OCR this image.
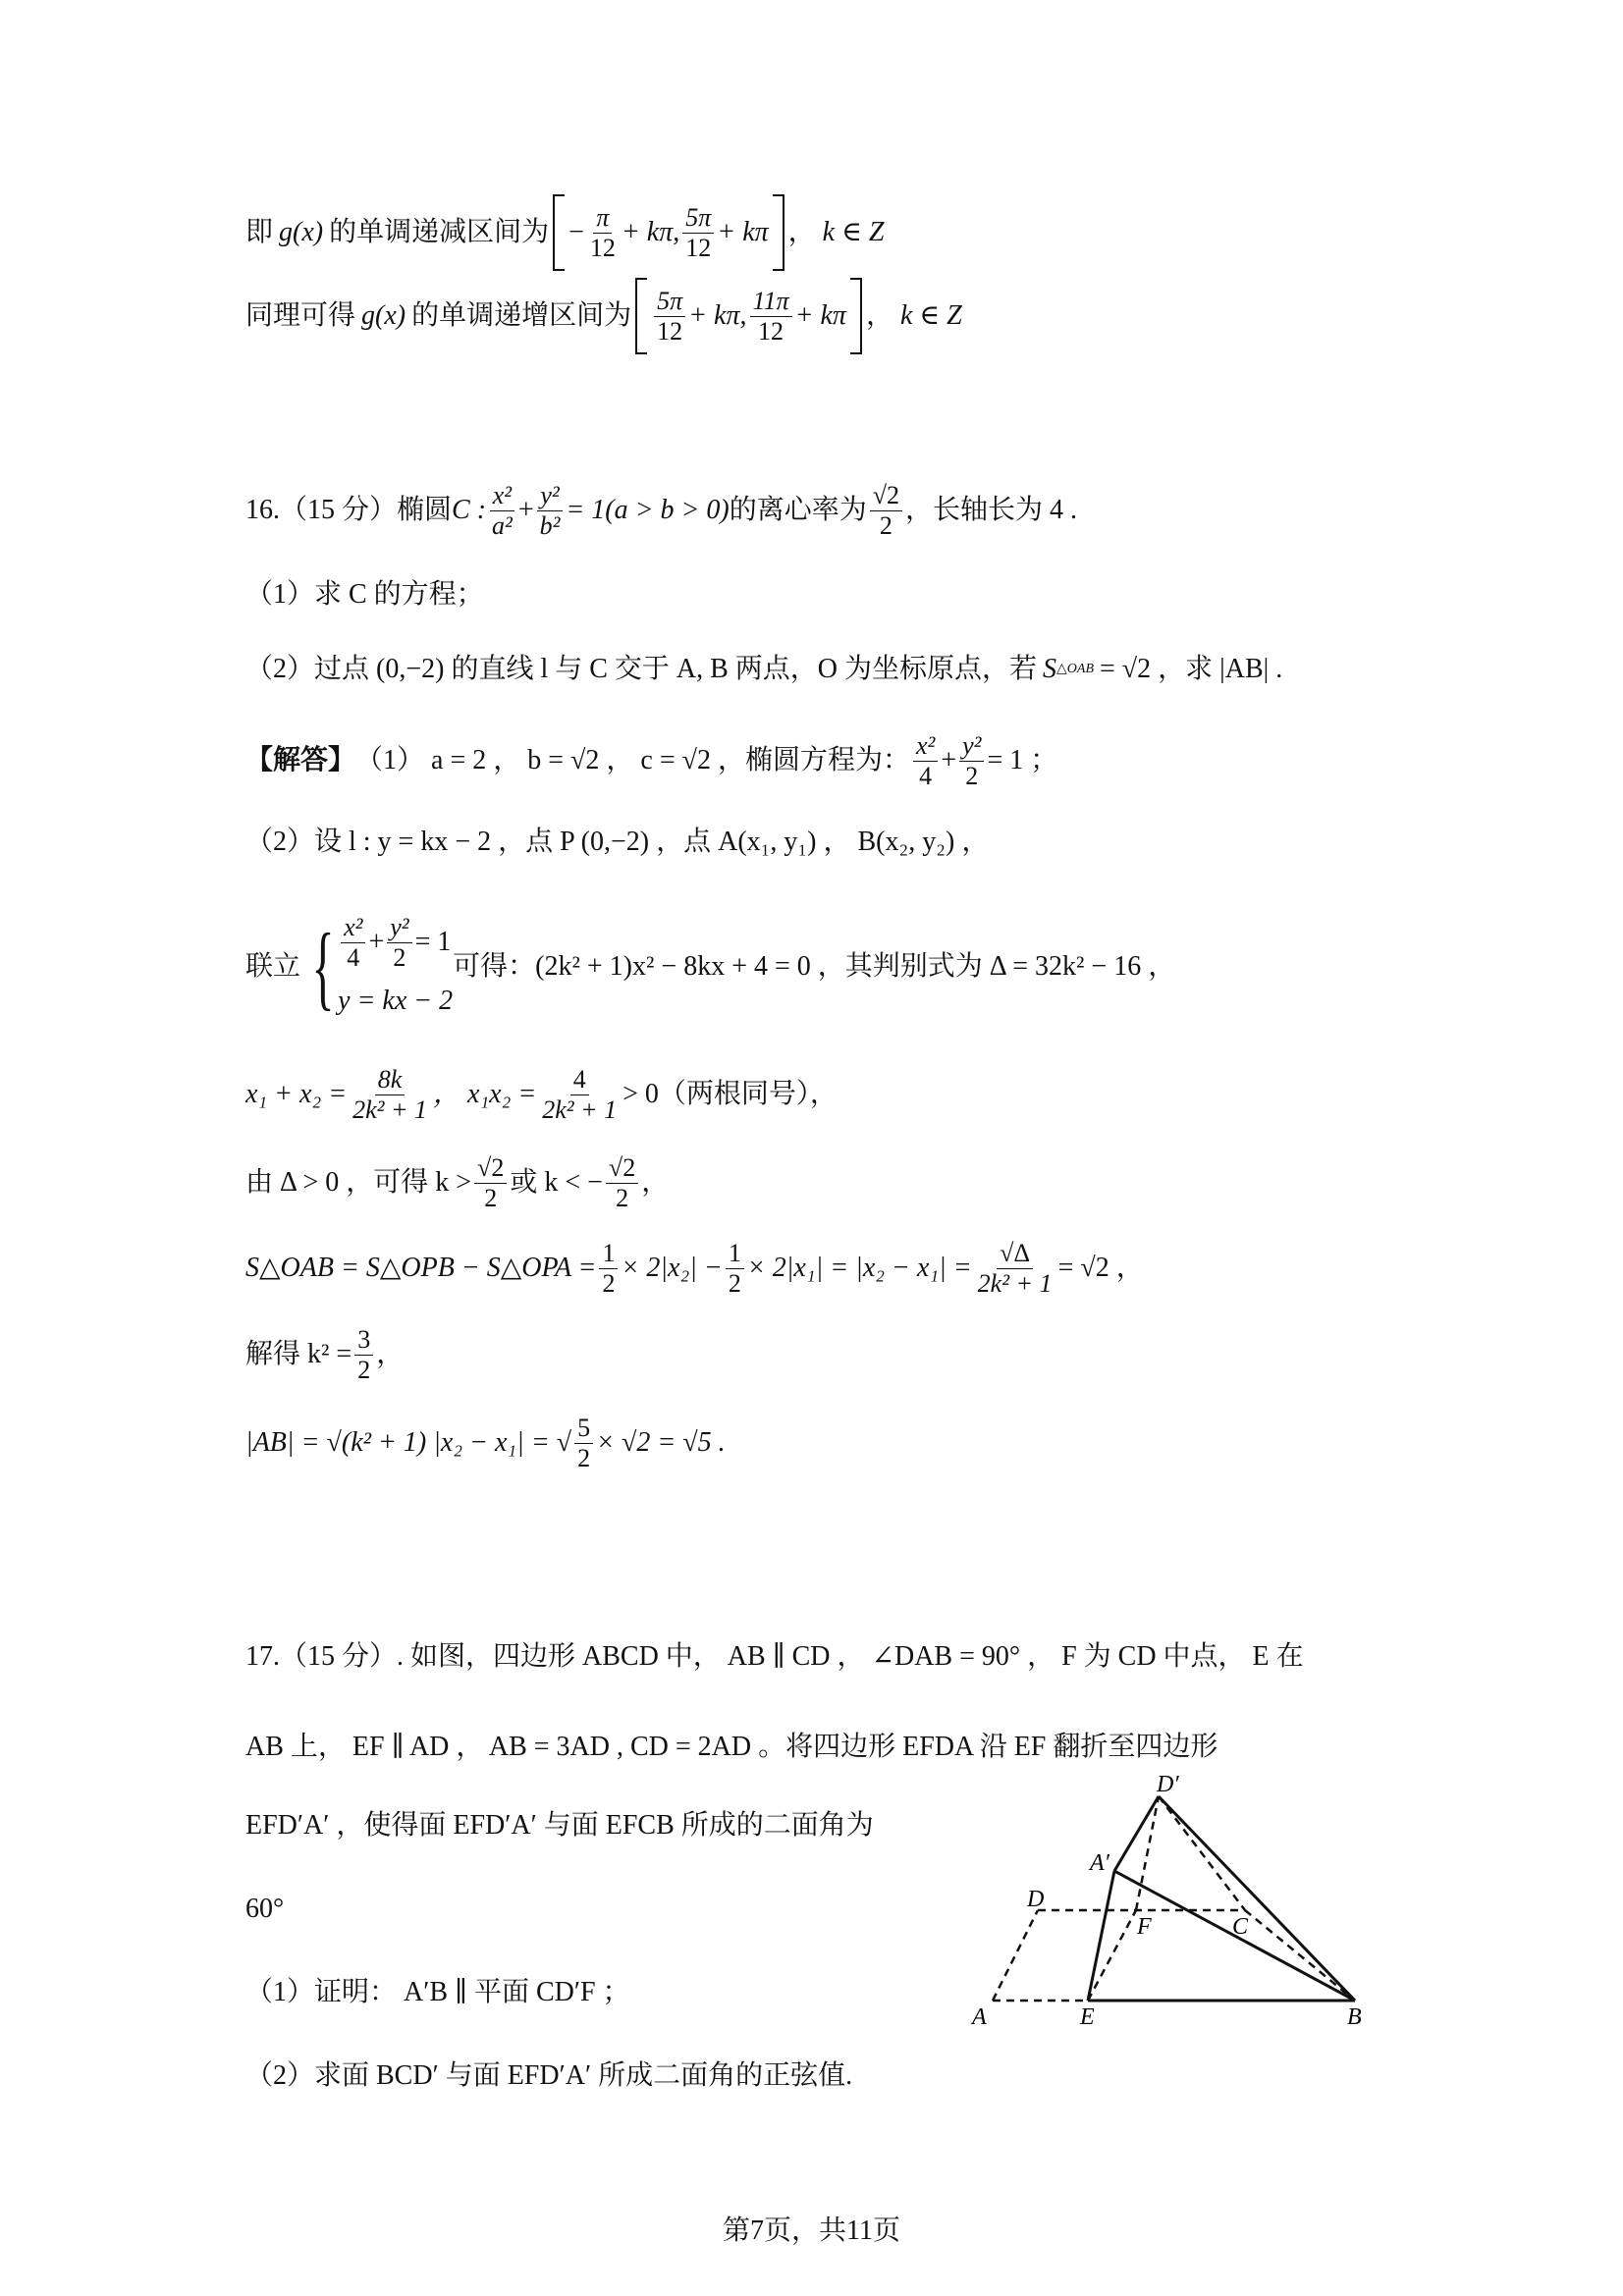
即 g(x) 的单调递减区间为 − $\frac{\pi}{12} + k\pi$ , $\frac{5\pi}{12} + k\pi$ ， k ∈ Z
同理可得 g(x) 的单调递增区间为 $\frac{5\pi}{12} + k\pi$ , $\frac{11\pi}{12} + k\pi$ ， k ∈ Z
16.（15 分）椭圆 C : $\frac{\text{x²}}{\text{a²}} + \frac{\text{y²}}{\text{b²}} = 1(a > b > 0)$ 的离心率为 $\frac{√2}{2}$ ，长轴长为 4 .
（1）求 C 的方程；
（2）过点 (0,−2) 的直线 l 与 C 交于 A, B 两点，O 为坐标原点，若 S △OAB = √2 ，求 |AB| .
【解答】 （1） a = 2 ， b = √2 ， c = √2 ，椭圆方程为： $\frac{\text{x²}}{4} + \frac{\text{y²}}{2} = 1$ ；
（2）设 l : y = kx − 2 ，点 P (0,−2) ，点 A(x₁, y₁) ， B(x₂, y₂) ，
联立 { $\frac{\text{x²}}{4} + \frac{\text{y²}}{2} = 1$
y = kx − 2
可得：(2k² + 1)x² − 8kx + 4 = 0 ，其判别式为 Δ = 32k² − 16 ，
$x_1 + x_2 = \frac{8k}{\text{2k² + 1}}$ ， $x_1x_2 = \frac{4}{\text{2k² + 1}} > 0$（两根同号），
由 Δ > 0 ，可得 $k > \frac{√2}{2}$ 或 k < − $\frac{√2}{2}$ ，
S△OAB = S△OPB − S△OPA = $\frac{1}{2} \times 2|x_2| - \frac{1}{2} \times 2|x_1| = |x_2 - x_1| = \frac{√\Delta}{\text{2k² + 1}} = √2$ ，
解得 $k^2 = \frac{3}{2}$ ，
|AB| = √(k² + 1) |x₂ − x₁| = √ $\frac{5}{2} \times √2 = √5$ .
17.（15 分）. 如图，四边形 ABCD 中， AB ∥ CD ， ∠DAB = 90° ， F 为 CD 中点， E 在
AB 上， EF ∥ AD ， AB = 3AD , CD = 2AD 。将四边形 EFDA 沿 EF 翻折至四边形
EFD′A′ ，使得面 EFD′A′ 与面 EFCB 所成的二面角为
60°
（1）证明： A′B ∥ 平面 CD′F ；
（2）求面 BCD′ 与面 EFD′A′ 所成二面角的正弦值.
D′
A′
D
F	C
A	E	B
第7页，共11页
